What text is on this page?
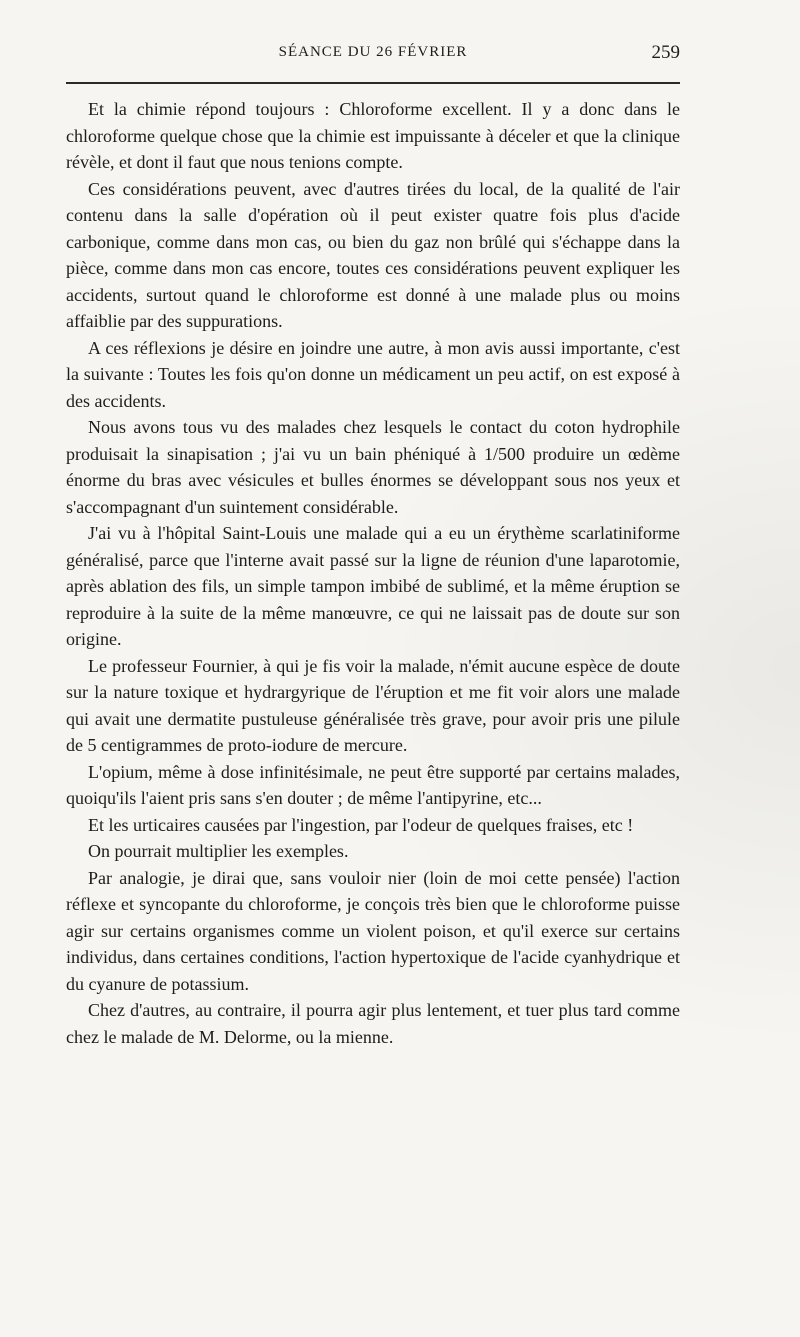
SÉANCE DU 26 FÉVRIER	259

Et la chimie répond toujours : Chloroforme excellent. Il y a donc dans le chloroforme quelque chose que la chimie est impuissante à déceler et que la clinique révèle, et dont il faut que nous tenions compte.

Ces considérations peuvent, avec d'autres tirées du local, de la qualité de l'air contenu dans la salle d'opération où il peut exister quatre fois plus d'acide carbonique, comme dans mon cas, ou bien du gaz non brûlé qui s'échappe dans la pièce, comme dans mon cas encore, toutes ces considérations peuvent expliquer les accidents, surtout quand le chloroforme est donné à une malade plus ou moins affaiblie par des suppurations.

A ces réflexions je désire en joindre une autre, à mon avis aussi importante, c'est la suivante : Toutes les fois qu'on donne un médicament un peu actif, on est exposé à des accidents.

Nous avons tous vu des malades chez lesquels le contact du coton hydrophile produisait la sinapisation ; j'ai vu un bain phéniqué à 1/500 produire un œdème énorme du bras avec vésicules et bulles énormes se développant sous nos yeux et s'accompagnant d'un suintement considérable.

J'ai vu à l'hôpital Saint-Louis une malade qui a eu un érythème scarlatiniforme généralisé, parce que l'interne avait passé sur la ligne de réunion d'une laparotomie, après ablation des fils, un simple tampon imbibé de sublimé, et la même éruption se reproduire à la suite de la même manœuvre, ce qui ne laissait pas de doute sur son origine.

Le professeur Fournier, à qui je fis voir la malade, n'émit aucune espèce de doute sur la nature toxique et hydrargyrique de l'éruption et me fit voir alors une malade qui avait une dermatite pustuleuse généralisée très grave, pour avoir pris une pilule de 5 centigrammes de proto-iodure de mercure.

L'opium, même à dose infinitésimale, ne peut être supporté par certains malades, quoiqu'ils l'aient pris sans s'en douter ; de même l'antipyrine, etc...

Et les urticaires causées par l'ingestion, par l'odeur de quelques fraises, etc !

On pourrait multiplier les exemples.

Par analogie, je dirai que, sans vouloir nier (loin de moi cette pensée) l'action réflexe et syncopante du chloroforme, je conçois très bien que le chloroforme puisse agir sur certains organismes comme un violent poison, et qu'il exerce sur certains individus, dans certaines conditions, l'action hypertoxique de l'acide cyanhydrique et du cyanure de potassium.

Chez d'autres, au contraire, il pourra agir plus lentement, et tuer plus tard comme chez le malade de M. Delorme, ou la mienne.
